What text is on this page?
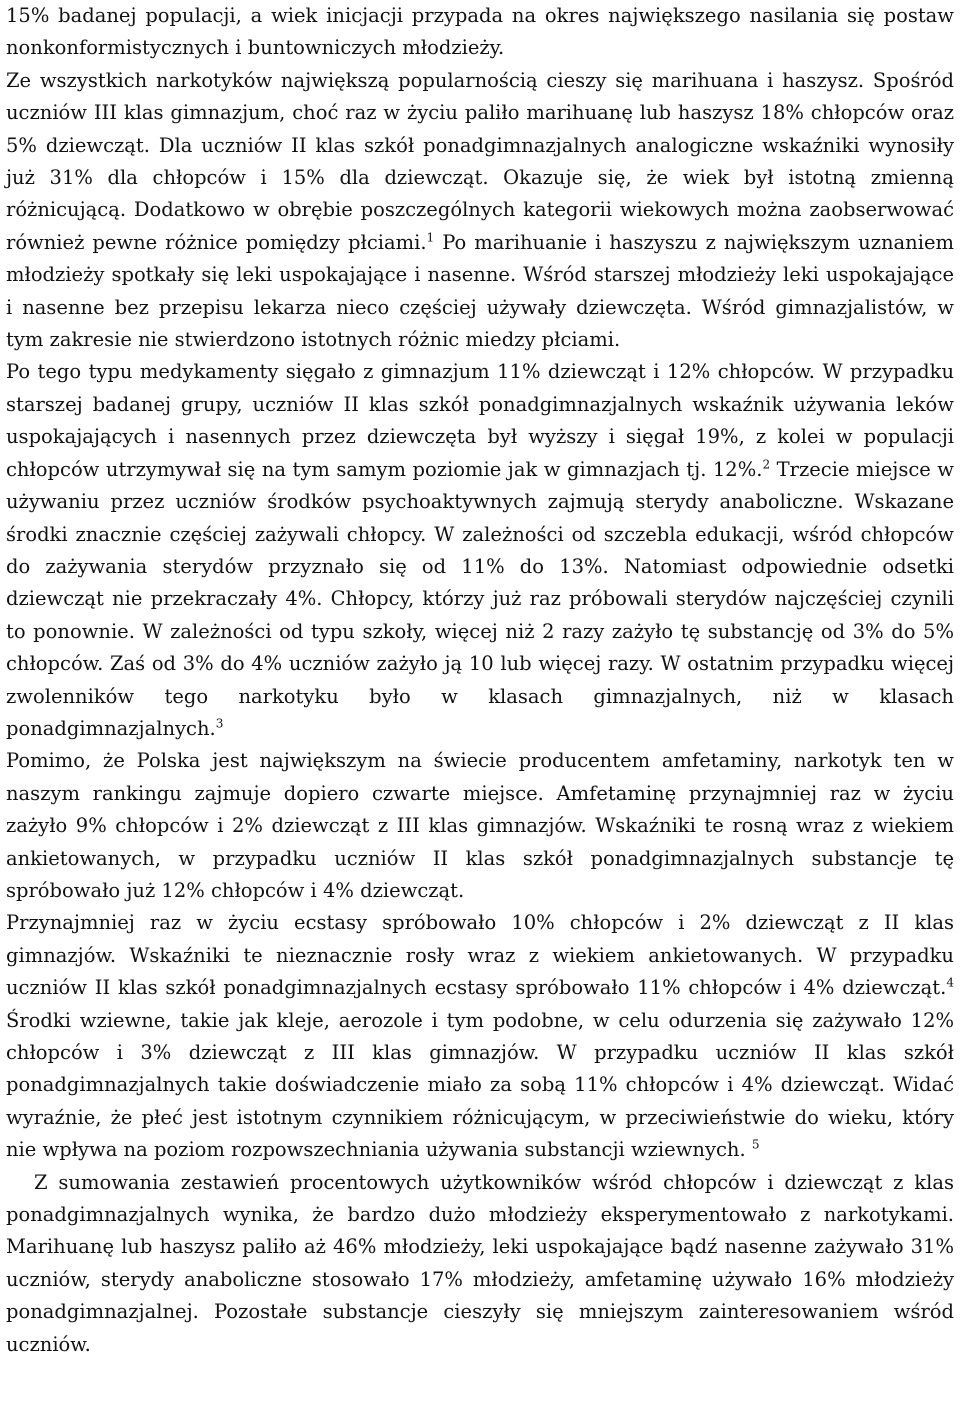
15% badanej populacji, a wiek inicjacji przypada na okres największego nasilania się postaw nonkonformistycznych i buntowniczych młodzieży.

Ze wszystkich narkotyków największą popularnością cieszy się marihuana i haszysz. Spośród uczniów III klas gimnazjum, choć raz w życiu paliło marihuanę lub haszysz 18% chłopców oraz 5% dziewcząt. Dla uczniów II klas szkół ponadgimnazjalnych analogiczne wskaźniki wynosiły już 31% dla chłopców i 15% dla dziewcząt. Okazuje się, że wiek był istotną zmienną różnicującą. Dodatkowo w obrębie poszczególnych kategorii wiekowych można zaobserwować również pewne różnice pomiędzy płciami.$^1$ Po marihuanie i haszyszu z największym uznaniem młodzieży spotkały się leki uspokajające i nasenne. Wśród starszej młodzieży leki uspokajające i nasenne bez przepisu lekarza nieco częściej używały dziewczęta. Wśród gimnazjalistów, w tym zakresie nie stwierdzono istotnych różnic miedzy płciami.

Po tego typu medykamenty sięgało z gimnazjum 11% dziewcząt i 12% chłopców. W przypadku starszej badanej grupy, uczniów II klas szkół ponadgimnazjalnych wskaźnik używania leków uspokajających i nasennych przez dziewczęta był wyższy i sięgał 19%, z kolei w populacji chłopców utrzymywał się na tym samym poziomie jak w gimnazjach tj. 12%.$^2$ Trzecie miejsce w używaniu przez uczniów środków psychoaktywnych zajmują sterydy anaboliczne. Wskazane środki znacznie częściej zażywali chłopcy. W zależności od szczebla edukacji, wśród chłopców do zażywania sterydów przyznało się od 11% do 13%. Natomiast odpowiednie odsetki dziewcząt nie przekraczały 4%. Chłopcy, którzy już raz próbowali sterydów najczęściej czynili to ponownie. W zależności od typu szkoły, więcej niż 2 razy zażyło tę substancję od 3% do 5% chłopców. Zaś od 3% do 4% uczniów zażyło ją 10 lub więcej razy. W ostatnim przypadku więcej zwolenników tego narkotyku było w klasach gimnazjalnych, niż w klasach ponadgimnazjalnych.$^3$

Pomimo, że Polska jest największym na świecie producentem amfetaminy, narkotyk ten w naszym rankingu zajmuje dopiero czwarte miejsce. Amfetaminę przynajmniej raz w życiu zażyło 9% chłopców i 2% dziewcząt z III klas gimnazjów. Wskaźniki te rosną wraz z wiekiem ankietowanych, w przypadku uczniów II klas szkół ponadgimnazjalnych substancje tę spróbowało już 12% chłopców i 4% dziewcząt.

Przynajmniej raz w życiu ecstasy spróbowało 10% chłopców i 2% dziewcząt z II klas gimnazjów. Wskaźniki te nieznacznie rosły wraz z wiekiem ankietowanych. W przypadku uczniów II klas szkół ponadgimnazjalnych ecstasy spróbowało 11% chłopców i 4% dziewcząt.$^4$ Środki wziewne, takie jak kleje, aerozole i tym podobne, w celu odurzenia się zażywało 12% chłopców i 3% dziewcząt z III klas gimnazjów. W przypadku uczniów II klas szkół ponadgimnazjalnych takie doświadczenie miało za sobą 11% chłopców i 4% dziewcząt. Widać wyraźnie, że płeć jest istotnym czynnikiem różnicującym, w przeciwieństwie do wieku, który nie wpływa na poziom rozpowszechniania używania substancji wziewnych. $^5$

Z sumowania zestawień procentowych użytkowników wśród chłopców i dziewcząt z klas ponadgimnazjalnych wynika, że bardzo dużo młodzieży eksperymentowało z narkotykami. Marihuanę lub haszysz paliło aż 46% młodzieży, leki uspokajające bądź nasenne zażywało 31% uczniów, sterydy anaboliczne stosowało 17% młodzieży, amfetaminę używało 16% młodzieży ponadgimnazjalnej. Pozostałe substancje cieszyły się mniejszym zainteresowaniem wśród uczniów.
